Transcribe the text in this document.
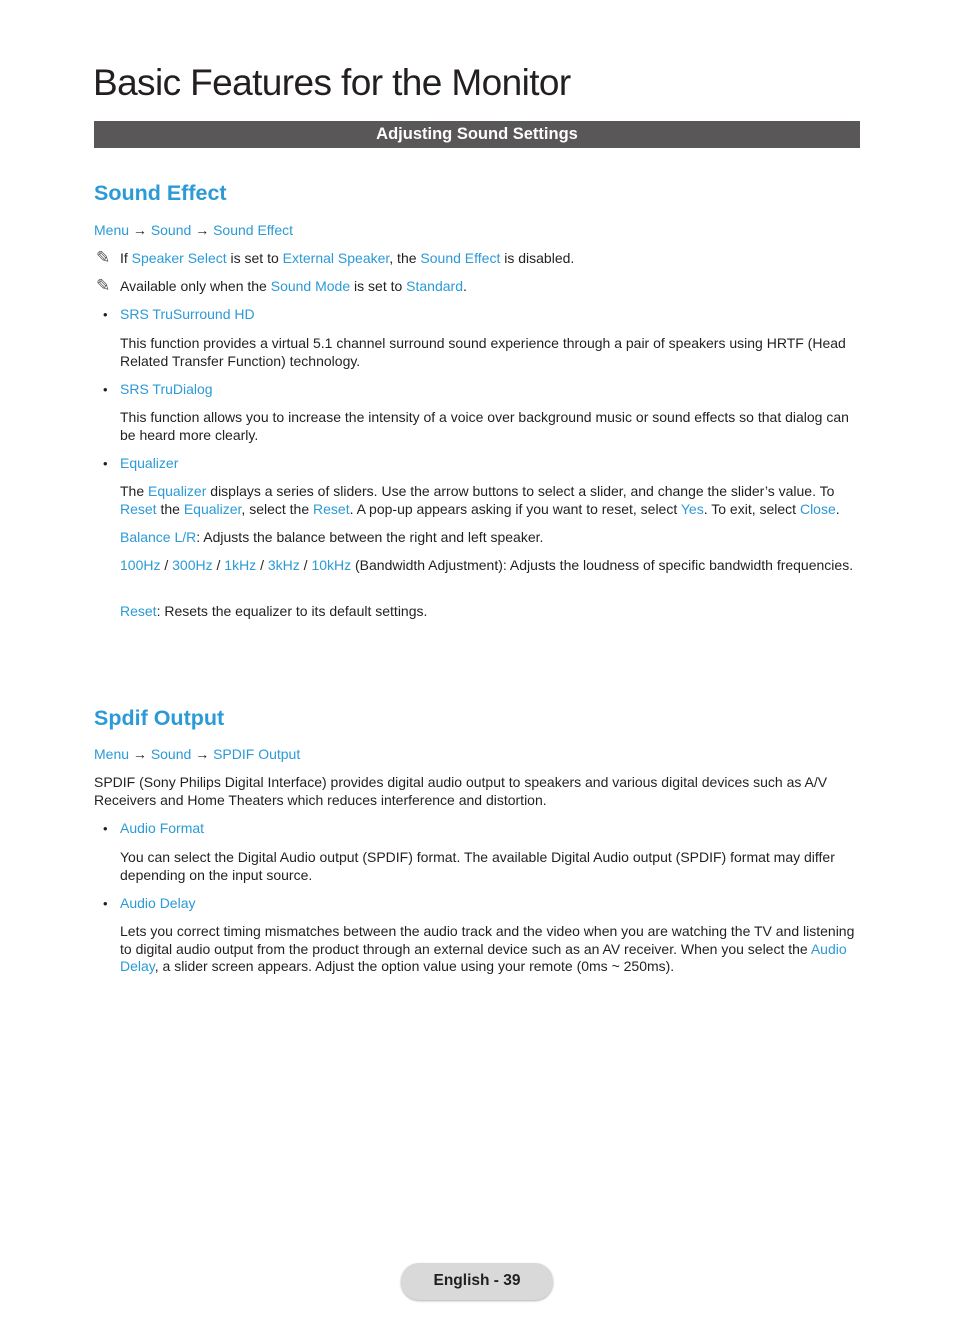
Basic Features for the Monitor
Adjusting Sound Settings
Sound Effect
Menu → Sound → Sound Effect
✎ If Speaker Select is set to External Speaker, the Sound Effect is disabled.
✎ Available only when the Sound Mode is set to Standard.
• SRS TruSurround HD
This function provides a virtual 5.1 channel surround sound experience through a pair of speakers using HRTF (Head Related Transfer Function) technology.
• SRS TruDialog
This function allows you to increase the intensity of a voice over background music or sound effects so that dialog can be heard more clearly.
• Equalizer
The Equalizer displays a series of sliders. Use the arrow buttons to select a slider, and change the slider’s value. To Reset the Equalizer, select the Reset. A pop-up appears asking if you want to reset, select Yes. To exit, select Close.
Balance L/R: Adjusts the balance between the right and left speaker.
100Hz / 300Hz / 1kHz / 3kHz / 10kHz (Bandwidth Adjustment): Adjusts the loudness of specific bandwidth frequencies.
Reset: Resets the equalizer to its default settings.
Spdif Output
Menu → Sound → SPDIF Output
SPDIF (Sony Philips Digital Interface) provides digital audio output to speakers and various digital devices such as A/V Receivers and Home Theaters which reduces interference and distortion.
• Audio Format
You can select the Digital Audio output (SPDIF) format. The available Digital Audio output (SPDIF) format may differ depending on the input source.
• Audio Delay
Lets you correct timing mismatches between the audio track and the video when you are watching the TV and listening to digital audio output from the product through an external device such as an AV receiver. When you select the Audio Delay, a slider screen appears. Adjust the option value using your remote (0ms ~ 250ms).
English - 39
